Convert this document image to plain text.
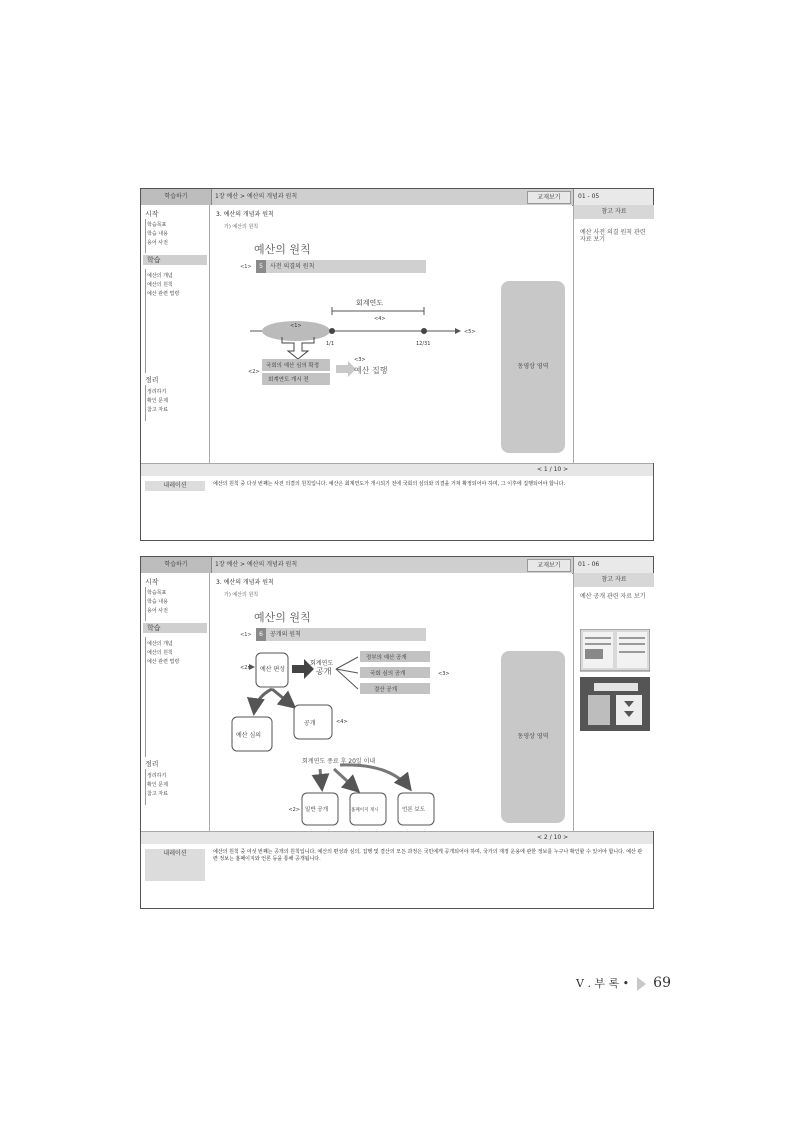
학습하기	1장 예산 > 예산의 개념과 원칙	교재보기	01 - 05
시작
학습목표
학습 내용
용어 사전
학습
예산의 개념
예산의 원칙
예산 관련 법령
정리
정리하기
확인 문제
참고 자료
3. 예산의 개념과 원칙
가) 예산의 원칙
예산의 원칙
<1>	5	사전 의결의 원칙
<1>
회계연도
<4>
<5>
1/1	12/31
국회의 예산 심의 확정
회계연도 개시 전
<2>
<3>
예산 집행	동영상 영역
참고 자료
예산 사전 의결 원칙 관련 자료 보기
< 1 / 10 >
내레이션	예산의 원칙 중 다섯 번째는 사전 의결의 원칙입니다. 예산은 회계연도가 개시되기 전에 국회의 심의와 의결을 거쳐 확정되어야 하며, 그 이후에 집행되어야 합니다.
학습하기	1장 예산 > 예산의 개념과 원칙	교재보기	01 - 06
시작
학습목표
학습 내용
용어 사전
학습
예산의 개념
예산의 원칙
예산 관련 법령
정리
정리하기
확인 문제
참고 자료
3. 예산의 개념과 원칙
가) 예산의 원칙
예산의 원칙
<1>	6	공개의 원칙
<2> 예산 편성
회계연도
공개
정부의 예산 공개
국회 심의 공개
결산 공개
<3>
예산 심의
공개	<4>
회계연도 종료 후 20일 이내
일반 공개	홈페이지 게시	언론 보도
<2>
동영상 영역
참고 자료
예산 공개 관련 자료 보기
< 2 / 10 >
내레이션	예산의 원칙 중 여섯 번째는 공개의 원칙입니다. 예산의 편성과 심의, 집행 및 결산의 모든 과정은 국민에게 공개되어야 하며, 국가의 재정 운용에 관한 정보를 누구나 확인할 수 있어야 합니다. 예산 관련 정보는 홈페이지와 언론 등을 통해 공개됩니다.
V . 부 록 • 69
